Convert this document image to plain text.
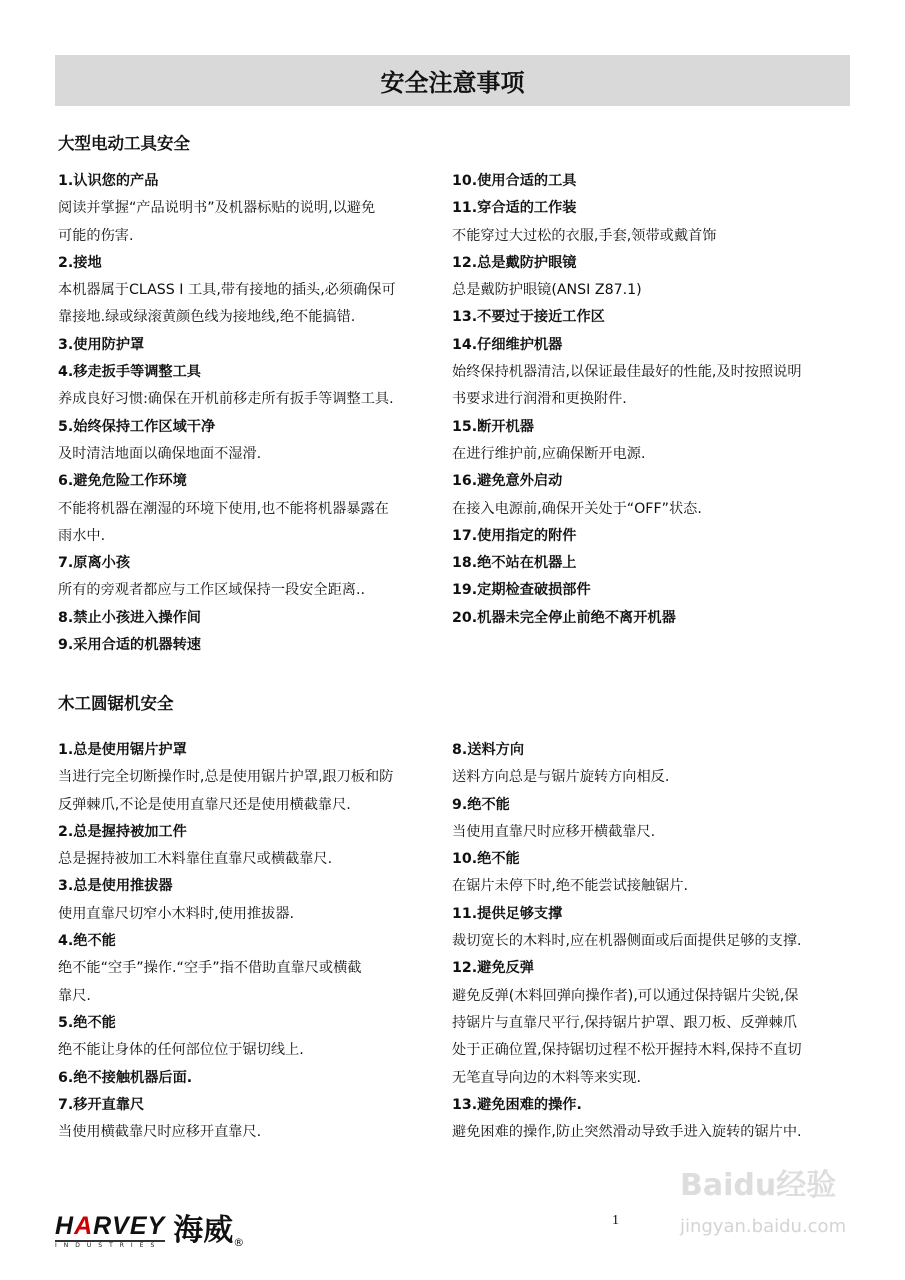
安全注意事项
大型电动工具安全
1.认识您的产品
阅读并掌握“产品说明书”及机器标贴的说明,以避免
可能的伤害.
2.接地
本机器属于CLASS Ⅰ 工具,带有接地的插头,必须确保可
靠接地.绿或绿滚黄颜色线为接地线,绝不能搞错.
3.使用防护罩
4.移走扳手等调整工具
养成良好习惯:确保在开机前移走所有扳手等调整工具.
5.始终保持工作区域干净
及时清洁地面以确保地面不湿滑.
6.避免危险工作环境
不能将机器在潮湿的环境下使用,也不能将机器暴露在
雨水中.
7.原离小孩
所有的旁观者都应与工作区域保持一段安全距离..
8.禁止小孩进入操作间
9.采用合适的机器转速
10.使用合适的工具
11.穿合适的工作装
不能穿过大过松的衣服,手套,领带或戴首饰
12.总是戴防护眼镜
总是戴防护眼镜(ANSI Z87.1)
13.不要过于接近工作区
14.仔细维护机器
始终保持机器清洁,以保证最佳最好的性能,及时按照说明
书要求进行润滑和更换附件.
15.断开机器
在进行维护前,应确保断开电源.
16.避免意外启动
在接入电源前,确保开关处于“OFF”状态.
17.使用指定的附件
18.绝不站在机器上
19.定期检查破损部件
20.机器未完全停止前绝不离开机器
木工圆锯机安全
1.总是使用锯片护罩
当进行完全切断操作时,总是使用锯片护罩,跟刀板和防
反弹棘爪,不论是使用直靠尺还是使用横截靠尺.
2.总是握持被加工件
总是握持被加工木料靠住直靠尺或横截靠尺.
3.总是使用推拔器
使用直靠尺切窄小木料时,使用推拔器.
4.绝不能
绝不能“空手”操作.“空手”指不借助直靠尺或横截
靠尺.
5.绝不能
绝不能让身体的任何部位位于锯切线上.
6.绝不接触机器后面.
7.移开直靠尺
当使用横截靠尺时应移开直靠尺.
8.送料方向
送料方向总是与锯片旋转方向相反.
9.绝不能
当使用直靠尺时应移开横截靠尺.
10.绝不能
在锯片未停下时,绝不能尝试接触锯片.
11.提供足够支撑
裁切宽长的木料时,应在机器侧面或后面提供足够的支撑.
12.避免反弹
避免反弹(木料回弹向操作者),可以通过保持锯片尖锐,保
持锯片与直靠尺平行,保持锯片护罩、跟刀板、反弹棘爪
处于正确位置,保持锯切过程不松开握持木料,保持不直切
无笔直导向边的木料等来实现.
13.避免困难的操作.
避免困难的操作,防止突然滑动导致手进入旋转的锯片中.
HARVEY
INDUSTRIES 海威 ®
Baidu经验
jingyan.baidu.com
1
